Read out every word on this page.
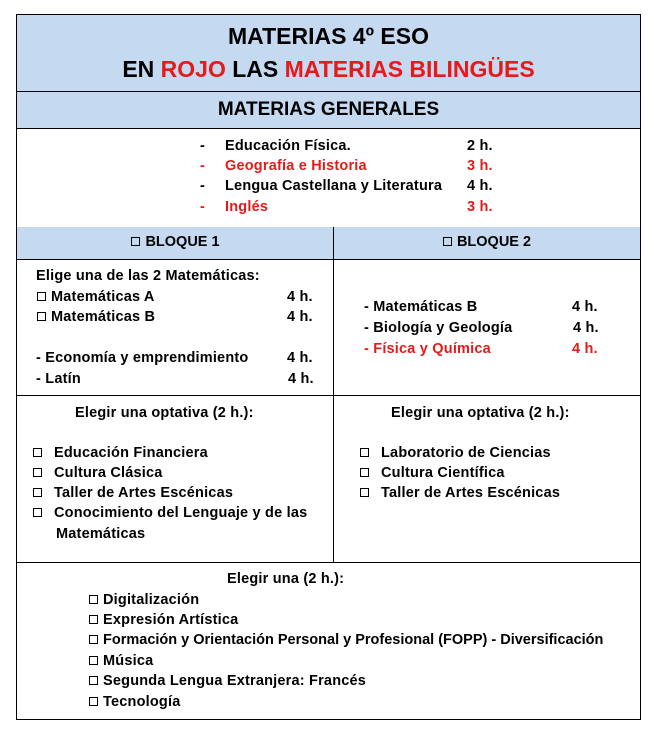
MATERIAS 4º ESO
EN ROJO LAS MATERIAS BILINGÜES
MATERIAS GENERALES
- Educación Física.	2 h.
- Geografía e Historia	3 h.
- Lengua Castellana y Literatura 4 h.
- Inglés	3 h.
BLOQUE 1	BLOQUE 2
Elige una de las 2 Matemáticas:
Matemáticas A	4 h.
Matemáticas B	4 h.
- Economía y emprendimiento	4 h.
- Latín	4 h.
- Matemáticas B	4 h.
- Biología y Geología	4 h.
- Física y Química	4 h.
Elegir una optativa (2 h.):
Educación Financiera
Cultura Clásica
Taller de Artes Escénicas
Conocimiento del Lenguaje y de las
Matemáticas
Elegir una optativa (2 h.):
Laboratorio de Ciencias
Cultura Científica
Taller de Artes Escénicas
Elegir una (2 h.):
Digitalización
Expresión Artística
Formación y Orientación Personal y Profesional (FOPP) - Diversificación
Música
Segunda Lengua Extranjera: Francés
Tecnología
